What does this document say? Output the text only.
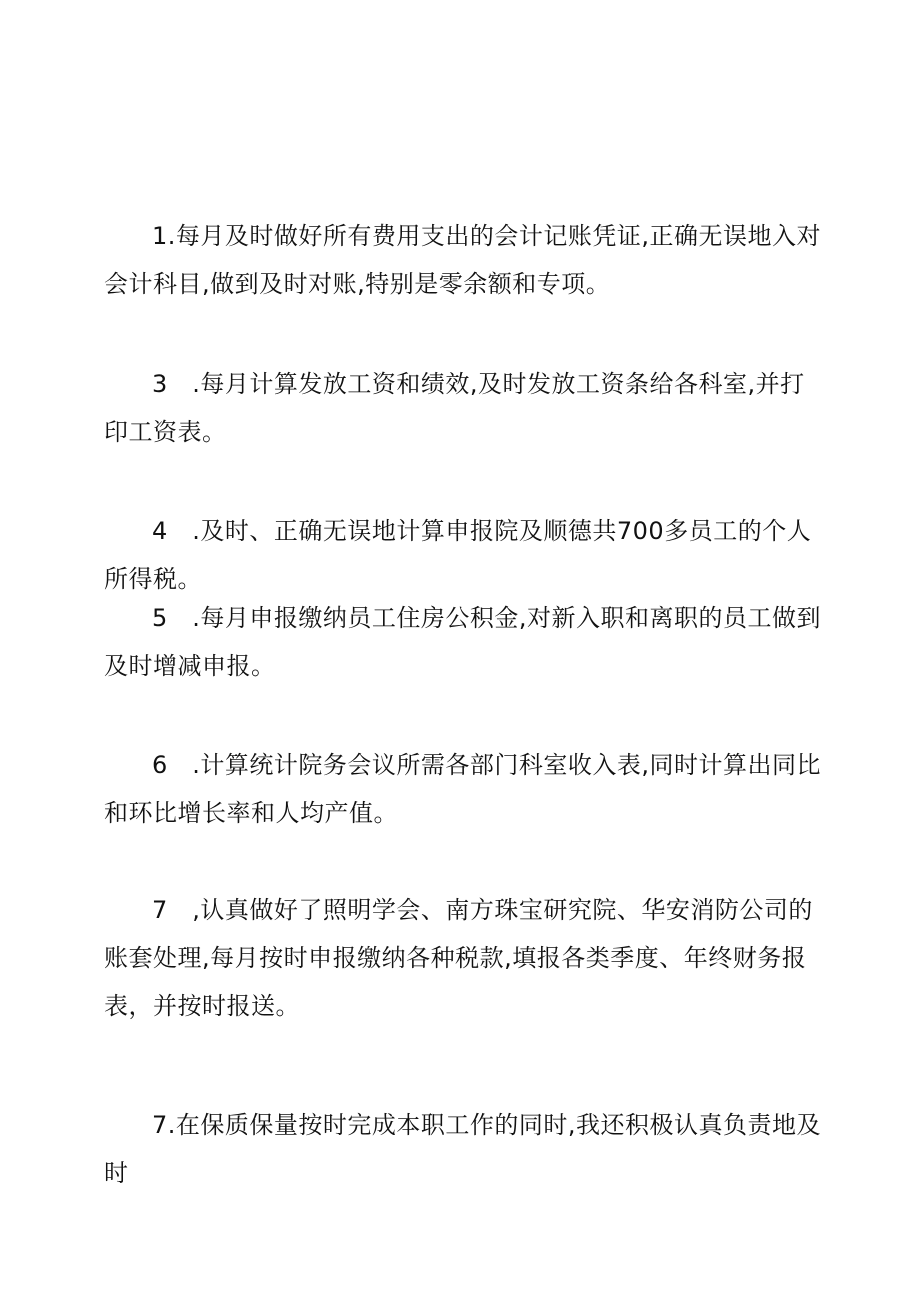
1.每月及时做好所有费用支出的会计记账凭证,正确无误地入对会计科目,做到及时对账,特别是零余额和专项。

3　.每月计算发放工资和绩效,及时发放工资条给各科室,并打印工资表。

4　.及时、正确无误地计算申报院及顺德共700多员工的个人所得税。

5　.每月申报缴纳员工住房公积金,对新入职和离职的员工做到及时增减申报。

6　.计算统计院务会议所需各部门科室收入表,同时计算出同比和环比增长率和人均产值。

7　,认真做好了照明学会、南方珠宝研究院、华安消防公司的账套处理,每月按时申报缴纳各种税款,填报各类季度、年终财务报表，并按时报送。

7.在保质保量按时完成本职工作的同时,我还积极认真负责地及时
